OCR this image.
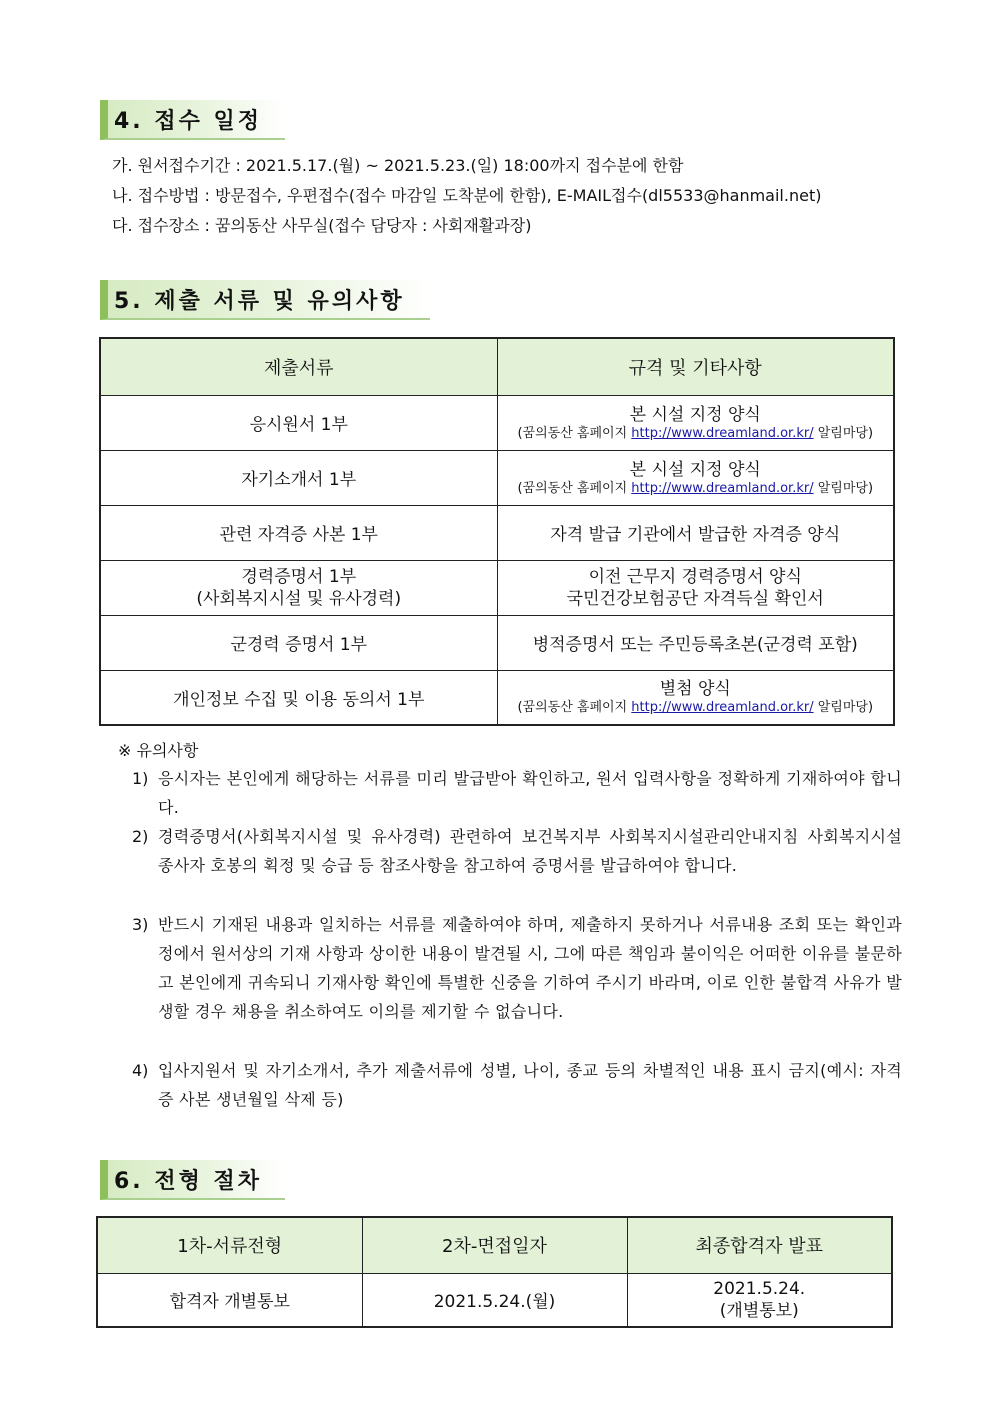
4. 접수 일정
가. 원서접수기간 : 2021.5.17.(월) ~ 2021.5.23.(일) 18:00까지 접수분에 한함
나. 접수방법 : 방문접수, 우편접수(접수 마감일 도착분에 한함), E-MAIL접수(dl5533@hanmail.net)
다. 접수장소 : 꿈의동산 사무실(접수 담당자 : 사회재활과장)
5. 제출 서류 및 유의사항
제출서류	규격 및 기타사항
응시원서 1부	본 시설 지정 양식
(꿈의동산 홈페이지 http://www.dreamland.or.kr/ 알림마당)

자기소개서 1부	본 시설 지정 양식
(꿈의동산 홈페이지 http://www.dreamland.or.kr/ 알림마당)

관련 자격증 사본 1부	자격 발급 기관에서 발급한 자격증 양식

경력증명서 1부
(사회복지시설 및 유사경력)	이전 근무지 경력증명서 양식
국민건강보험공단 자격득실 확인서

군경력 증명서 1부	병적증명서 또는 주민등록초본(군경력 포함)
개인정보 수집 및 이용 동의서 1부	별첨 양식
(꿈의동산 홈페이지 http://www.dreamland.or.kr/ 알림마당)
※ 유의사항
1) 응시자는 본인에게 해당하는 서류를 미리 발급받아 확인하고, 원서 입력사항을 정확하게 기재하여야 합니다.
2) 경력증명서(사회복지시설 및 유사경력) 관련하여 보건복지부 사회복지시설관리안내지침 사회복지시설 종사자 호봉의 획정 및 승급 등 참조사항을 참고하여 증명서를 발급하여야 합니다.
3) 반드시 기재된 내용과 일치하는 서류를 제출하여야 하며, 제출하지 못하거나 서류내용 조회 또는 확인과정에서 원서상의 기재 사항과 상이한 내용이 발견될 시, 그에 따른 책임과 불이익은 어떠한 이유를 불문하고 본인에게 귀속되니 기재사항 확인에 특별한 신중을 기하여 주시기 바라며, 이로 인한 불합격 사유가 발생할 경우 채용을 취소하여도 이의를 제기할 수 없습니다.
4) 입사지원서 및 자기소개서, 추가 제출서류에 성별, 나이, 종교 등의 차별적인 내용 표시 금지(예시: 자격증 사본 생년월일 삭제 등)
6. 전형 절차
1차-서류전형	2차-면접일자	최종합격자 발표
합격자 개별통보	2021.5.24.(월)	2021.5.24.
(개별통보)
